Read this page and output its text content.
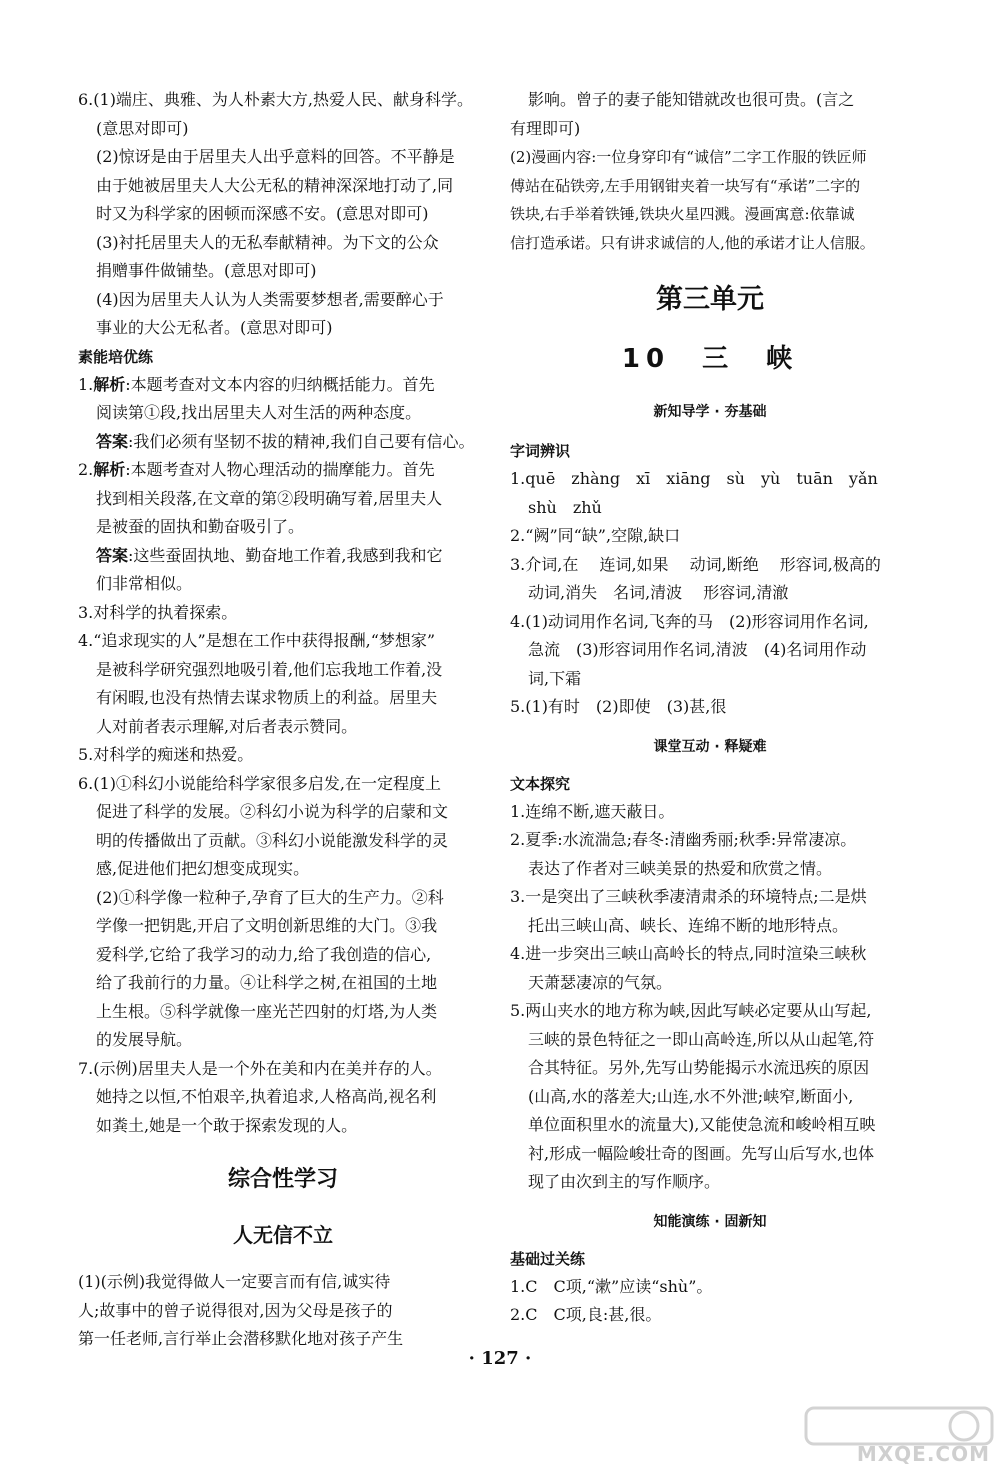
6.(1)端庄、典雅、为人朴素大方,热爱人民、献身科学。

(意思对即可)

(2)惊讶是由于居里夫人出乎意料的回答。不平静是

由于她被居里夫人大公无私的精神深深地打动了,同

时又为科学家的困顿而深感不安。(意思对即可)

(3)衬托居里夫人的无私奉献精神。为下文的公众

捐赠事件做铺垫。(意思对即可)

(4)因为居里夫人认为人类需要梦想者,需要醉心于

事业的大公无私者。(意思对即可)

素能培优练

1.解析:本题考查对文本内容的归纳概括能力。首先

阅读第①段,找出居里夫人对生活的两种态度。

答案:我们必须有坚韧不拔的精神,我们自己要有信心。

2.解析:本题考查对人物心理活动的揣摩能力。首先

找到相关段落,在文章的第②段明确写着,居里夫人

是被蚕的固执和勤奋吸引了。

答案:这些蚕固执地、勤奋地工作着,我感到我和它

们非常相似。

3.对科学的执着探索。

4.“追求现实的人”是想在工作中获得报酬,“梦想家”

是被科学研究强烈地吸引着,他们忘我地工作着,没

有闲暇,也没有热情去谋求物质上的利益。居里夫

人对前者表示理解,对后者表示赞同。

5.对科学的痴迷和热爱。

6.(1)①科幻小说能给科学家很多启发,在一定程度上

促进了科学的发展。②科幻小说为科学的启蒙和文

明的传播做出了贡献。③科幻小说能激发科学的灵

感,促进他们把幻想变成现实。

(2)①科学像一粒种子,孕育了巨大的生产力。②科

学像一把钥匙,开启了文明创新思维的大门。③我

爱科学,它给了我学习的动力,给了我创造的信心,

给了我前行的力量。④让科学之树,在祖国的土地

上生根。⑤科学就像一座光芒四射的灯塔,为人类

的发展导航。

7.(示例)居里夫人是一个外在美和内在美并存的人。

她持之以恒,不怕艰辛,执着追求,人格高尚,视名利

如粪土,她是一个敢于探索发现的人。

综合性学习

人无信不立

(1)(示例)我觉得做人一定要言而有信,诚实待

人;故事中的曾子说得很对,因为父母是孩子的

第一任老师,言行举止会潜移默化地对孩子产生

影响。曾子的妻子能知错就改也很可贵。(言之

有理即可)

(2)漫画内容:一位身穿印有“诚信”二字工作服的铁匠师

傅站在砧铁旁,左手用钢钳夹着一块写有“承诺”二字的

铁块,右手举着铁锤,铁块火星四溅。漫画寓意:依靠诚

信打造承诺。只有讲求诚信的人,他的承诺才让人信服。

第三单元

10　 三　峡

新知导学 · 夯基础

字词辨识

1.quē　zhàng　xī　xiāng　sù　yù　tuān　yǎn

shù　zhǔ

2.“阙”同“缺”,空隙,缺口

3.介词,在　 连词,如果　 动词,断绝　 形容词,极高的

动词,消失　名词,清波　 形容词,清澈

4.(1)动词用作名词,飞奔的马　(2)形容词用作名词,

急流　(3)形容词用作名词,清波　(4)名词用作动

词,下霜

5.(1)有时　(2)即使　(3)甚,很

课堂互动 · 释疑难

文本探究

1.连绵不断,遮天蔽日。

2.夏季:水流湍急;春冬:清幽秀丽;秋季:异常凄凉。

表达了作者对三峡美景的热爱和欣赏之情。

3.一是突出了三峡秋季凄清肃杀的环境特点;二是烘

托出三峡山高、峡长、连绵不断的地形特点。

4.进一步突出三峡山高岭长的特点,同时渲染三峡秋

天萧瑟凄凉的气氛。

5.两山夹水的地方称为峡,因此写峡必定要从山写起,

三峡的景色特征之一即山高岭连,所以从山起笔,符

合其特征。另外,先写山势能揭示水流迅疾的原因

(山高,水的落差大;山连,水不外泄;峡窄,断面小,

单位面积里水的流量大),又能使急流和峻岭相互映

衬,形成一幅险峻壮奇的图画。先写山后写水,也体

现了由次到主的写作顺序。

知能演练 · 固新知

基础过关练

1.C　C项,“漱”应读“shù”。

2.C　C项,良:甚,很。

· 127 ·
MXQE.COM
